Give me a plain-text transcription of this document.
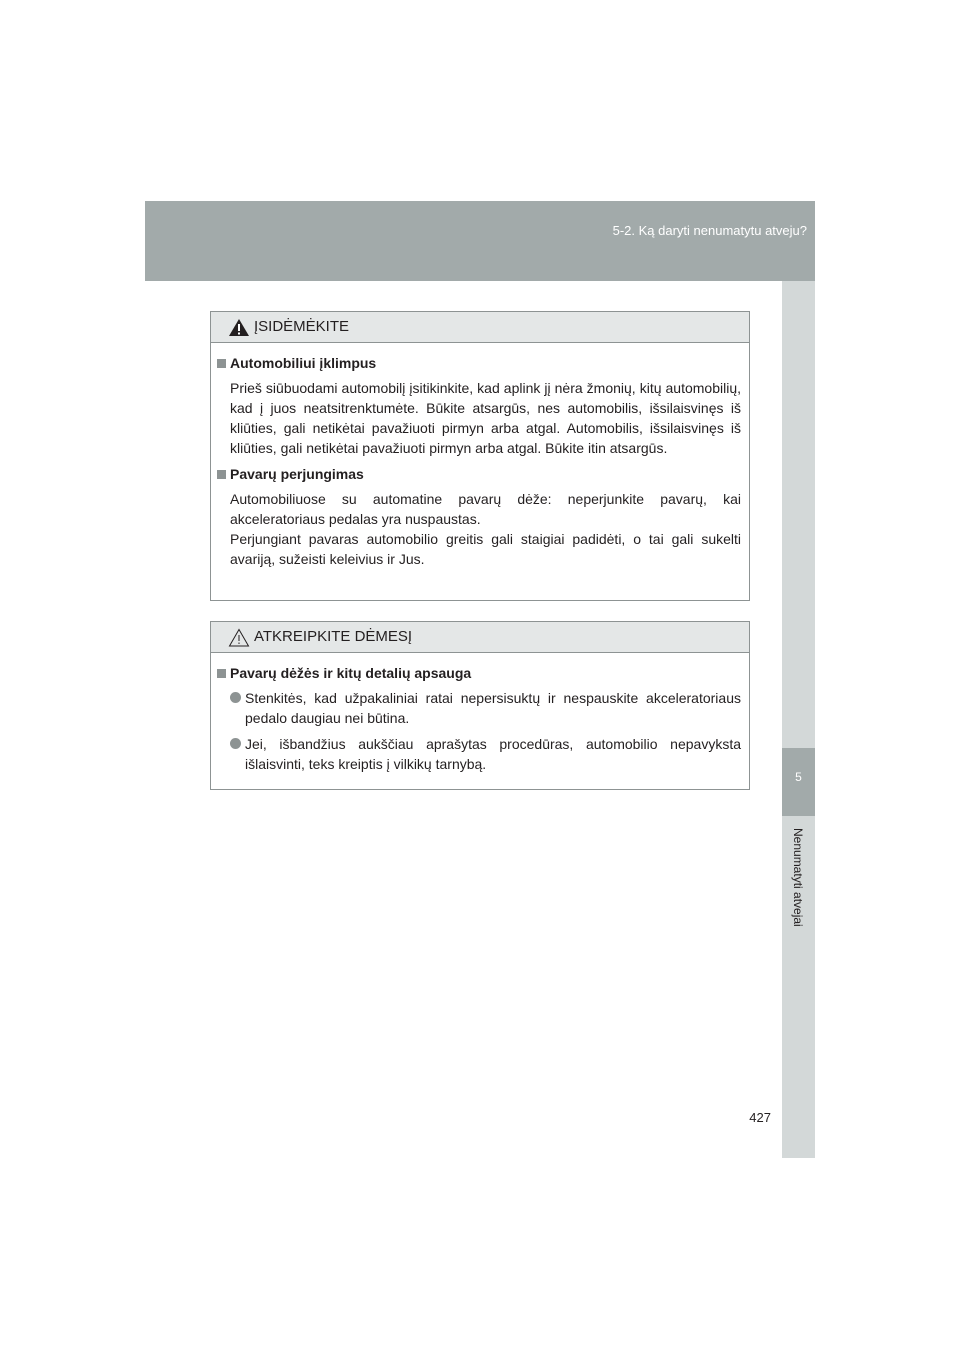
5-2. Ką daryti nenumatytu atveju?
5
Nenumatyti atvejai
427
ĮSIDĖMĖKITE
Automobiliui įklimpus

Prieš siūbuodami automobilį įsitikinkite, kad aplink jį nėra žmonių, kitų automobilių, kad į juos neatsitrenktumėte. Būkite atsargūs, nes automobilis, išsilaisvinęs iš kliūties, gali netikėtai pavažiuoti pirmyn arba atgal. Automobilis, išsilaisvinęs iš kliūties, gali netikėtai pavažiuoti pirmyn arba atgal. Būkite itin atsargūs.

Pavarų perjungimas

Automobiliuose su automatine pavarų dėže: neperjunkite pavarų, kai akceleratoriaus pedalas yra nuspaustas.

Perjungiant pavaras automobilio greitis gali staigiai padidėti, o tai gali sukelti avariją, sužeisti keleivius ir Jus.

ATKREIPKITE DĖMESĮ
Pavarų dėžės ir kitų detalių apsauga
Stenkitės, kad užpakaliniai ratai nepersisuktų ir nespauskite akceleratoriaus pedalo daugiau nei būtina.
Jei, išbandžius aukščiau aprašytas procedūras, automobilio nepavyksta išlaisvinti, teks kreiptis į vilkikų tarnybą.
